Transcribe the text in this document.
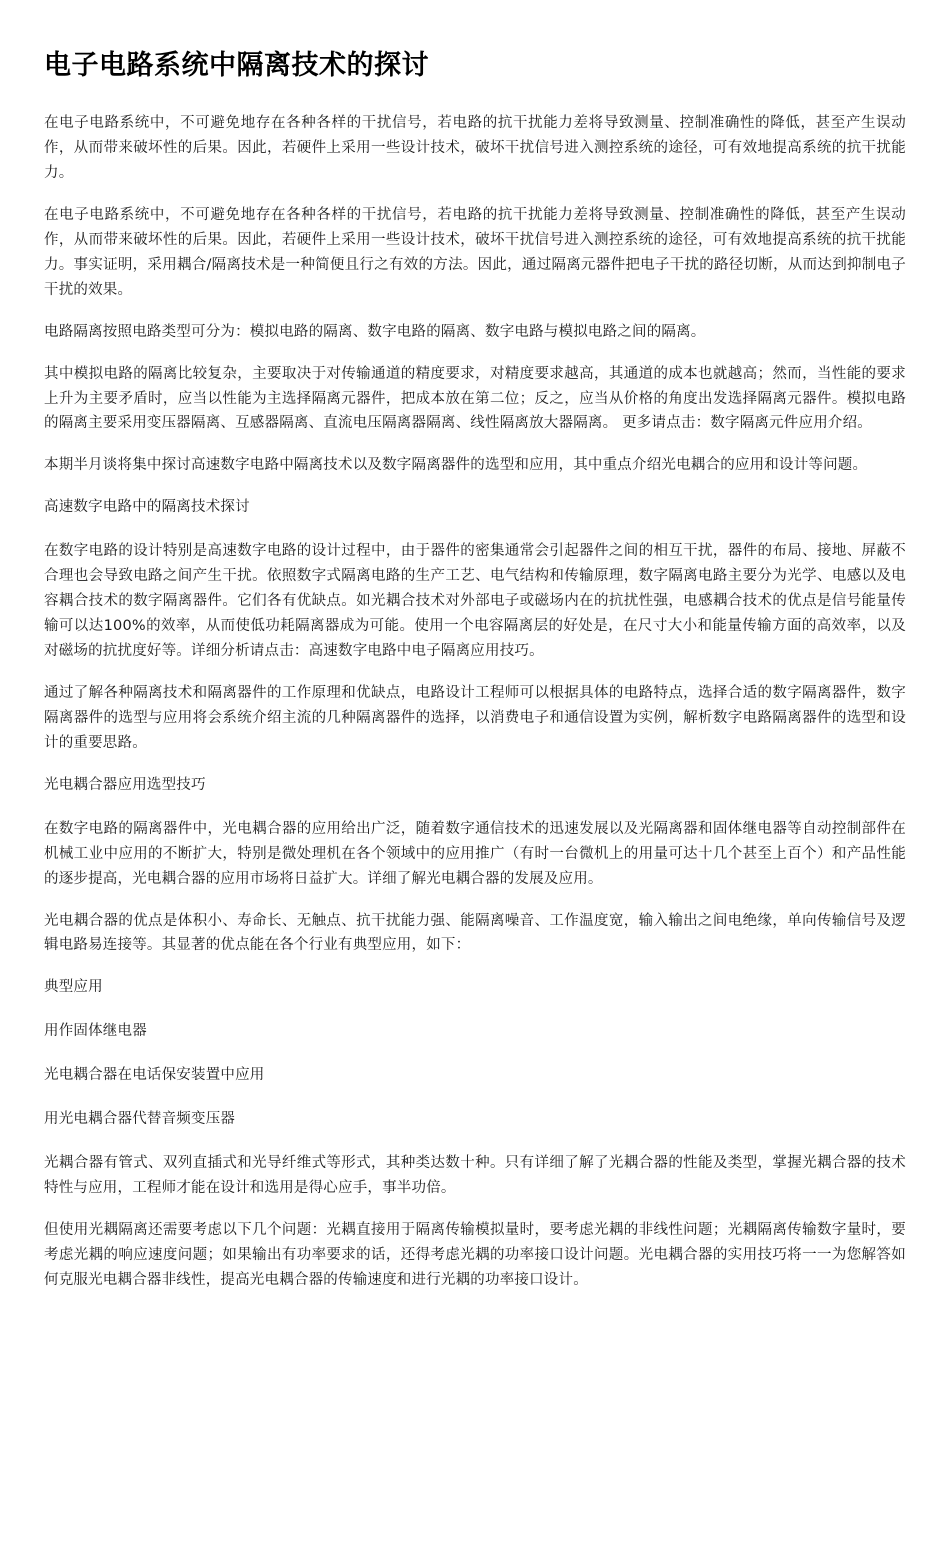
电子电路系统中隔离技术的探讨

在电子电路系统中，不可避免地存在各种各样的干扰信号，若电路的抗干扰能力差将导致测量、控制准确性的降低，甚至产生误动作，从而带来破坏性的后果。因此，若硬件上采用一些设计技术，破坏干扰信号进入测控系统的途径，可有效地提高系统的抗干扰能力。

在电子电路系统中，不可避免地存在各种各样的干扰信号，若电路的抗干扰能力差将导致测量、控制准确性的降低，甚至产生误动作，从而带来破坏性的后果。因此，若硬件上采用一些设计技术，破坏干扰信号进入测控系统的途径，可有效地提高系统的抗干扰能力。事实证明，采用耦合/隔离技术是一种简便且行之有效的方法。因此，通过隔离元器件把电子干扰的路径切断，从而达到抑制电子干扰的效果。

电路隔离按照电路类型可分为：模拟电路的隔离、数字电路的隔离、数字电路与模拟电路之间的隔离。

其中模拟电路的隔离比较复杂，主要取决于对传输通道的精度要求，对精度要求越高，其通道的成本也就越高；然而，当性能的要求上升为主要矛盾时，应当以性能为主选择隔离元器件，把成本放在第二位；反之，应当从价格的角度出发选择隔离元器件。模拟电路的隔离主要采用变压器隔离、互感器隔离、直流电压隔离器隔离、线性隔离放大器隔离。 更多请点击：数字隔离元件应用介绍。

本期半月谈将集中探讨高速数字电路中隔离技术以及数字隔离器件的选型和应用，其中重点介绍光电耦合的应用和设计等问题。

高速数字电路中的隔离技术探讨

在数字电路的设计特别是高速数字电路的设计过程中，由于器件的密集通常会引起器件之间的相互干扰，器件的布局、接地、屏蔽不合理也会导致电路之间产生干扰。依照数字式隔离电路的生产工艺、电气结构和传输原理，数字隔离电路主要分为光学、电感以及电容耦合技术的数字隔离器件。它们各有优缺点。如光耦合技术对外部电子或磁场内在的抗扰性强，电感耦合技术的优点是信号能量传输可以达100%的效率，从而使低功耗隔离器成为可能。使用一个电容隔离层的好处是，在尺寸大小和能量传输方面的高效率，以及对磁场的抗扰度好等。详细分析请点击：高速数字电路中电子隔离应用技巧。

通过了解各种隔离技术和隔离器件的工作原理和优缺点，电路设计工程师可以根据具体的电路特点，选择合适的数字隔离器件，数字隔离器件的选型与应用将会系统介绍主流的几种隔离器件的选择，以消费电子和通信设置为实例，解析数字电路隔离器件的选型和设计的重要思路。

光电耦合器应用选型技巧

在数字电路的隔离器件中，光电耦合器的应用给出广泛，随着数字通信技术的迅速发展以及光隔离器和固体继电器等自动控制部件在机械工业中应用的不断扩大，特别是微处理机在各个领域中的应用推广（有时一台微机上的用量可达十几个甚至上百个）和产品性能的逐步提高，光电耦合器的应用市场将日益扩大。详细了解光电耦合器的发展及应用。

光电耦合器的优点是体积小、寿命长、无触点、抗干扰能力强、能隔离噪音、工作温度宽，输入输出之间电绝缘，单向传输信号及逻辑电路易连接等。其显著的优点能在各个行业有典型应用，如下：

典型应用

用作固体继电器

光电耦合器在电话保安装置中应用

用光电耦合器代替音频变压器

光耦合器有管式、双列直插式和光导纤维式等形式，其种类达数十种。只有详细了解了光耦合器的性能及类型，掌握光耦合器的技术特性与应用，工程师才能在设计和选用是得心应手，事半功倍。

但使用光耦隔离还需要考虑以下几个问题：光耦直接用于隔离传输模拟量时，要考虑光耦的非线性问题；光耦隔离传输数字量时，要考虑光耦的响应速度问题；如果输出有功率要求的话，还得考虑光耦的功率接口设计问题。光电耦合器的实用技巧将一一为您解答如何克服光电耦合器非线性，提高光电耦合器的传输速度和进行光耦的功率接口设计。
